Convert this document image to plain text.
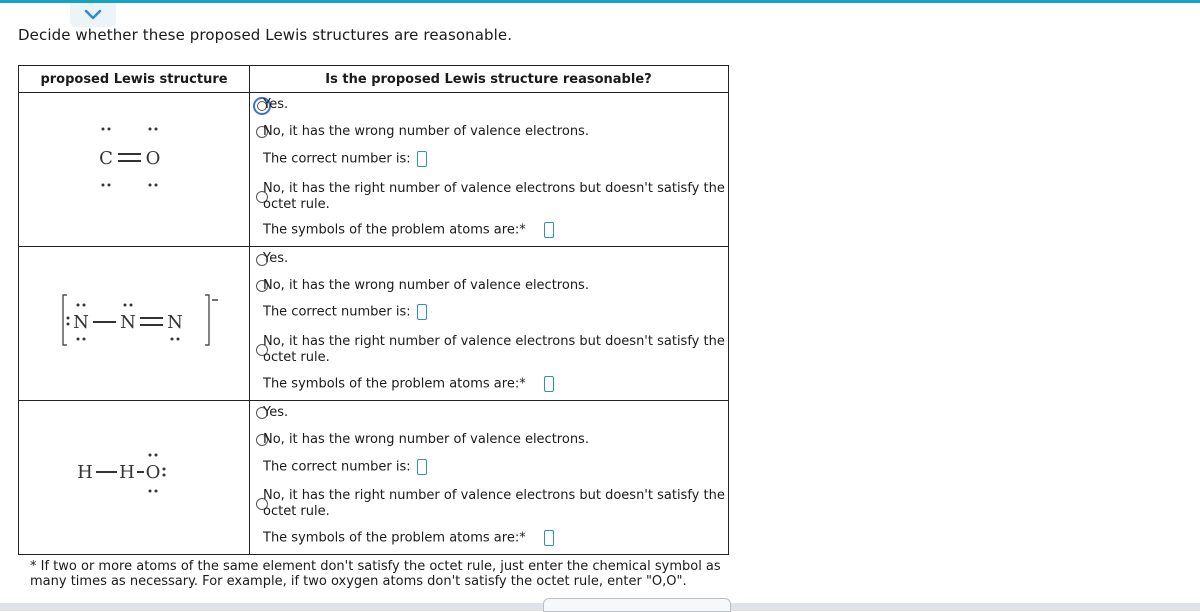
Decide whether these proposed Lewis structures are reasonable.
proposed Lewis structure	Is the proposed Lewis structure reasonable?
C O
N N N
H H O
Yes.
No, it has the wrong number of valence electrons.
The correct number is:
No, it has the right number of valence electrons but doesn't satisfy the
octet rule.
The symbols of the problem atoms are:*
Yes.
No, it has the wrong number of valence electrons.
The correct number is:
No, it has the right number of valence electrons but doesn't satisfy the
octet rule.
The symbols of the problem atoms are:*
Yes.
No, it has the wrong number of valence electrons.
The correct number is:
No, it has the right number of valence electrons but doesn't satisfy the
octet rule.
The symbols of the problem atoms are:*
* If two or more atoms of the same element don't satisfy the octet rule, just enter the chemical symbol as many times as necessary. For example, if two oxygen atoms don't satisfy the octet rule, enter "O,O".
